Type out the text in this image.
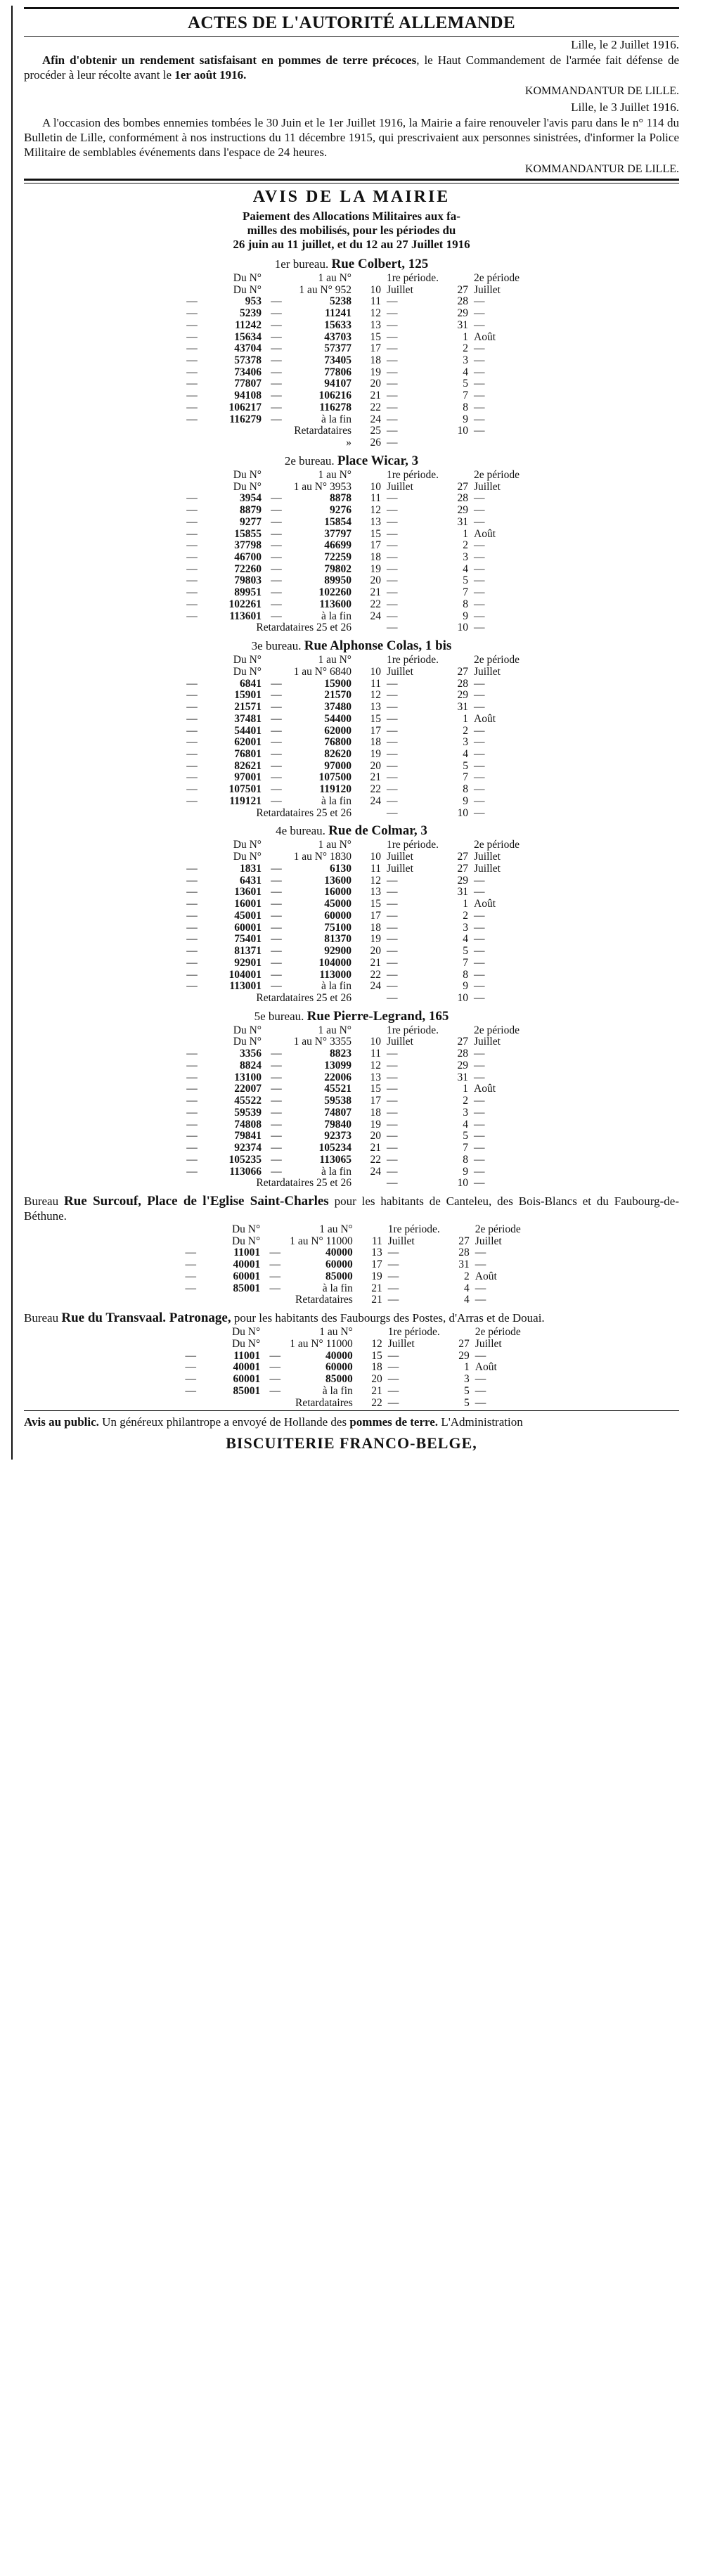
ACTES DE L'AUTORITÉ ALLEMANDE
Lille, le 2 Juillet 1916.

Afin d'obtenir un rendement satisfaisant en pommes de terre précoces, le Haut Commandement de l'armée fait défense de procéder à leur récolte avant le 1er août 1916.

KOMMANDANTUR DE LILLE.
Lille, le 3 Juillet 1916.

A l'occasion des bombes ennemies tombées le 30 Juin et le 1er Juillet 1916, la Mairie a faire renouveler l'avis paru dans le n° 114 du Bulletin de Lille, conformément à nos instructions du 11 décembre 1915, qui prescrivaient aux personnes sinistrées, d'informer la Police Militaire de semblables événements dans l'espace de 24 heures.

KOMMANDANTUR DE LILLE.
AVIS DE LA MAIRIE
Paiement des Allocations Militaires aux fa-
milles des mobilisés, pour les périodes du
26 juin au 11 juillet, et du 12 au 27 Juillet 1916
1er bureau. Rue Colbert, 125
	Du N°		1 au N°		1re période.		2e période
	Du N°		1 au N° 952	10	Juillet	27	Juillet
—	953	—	5238	11	—	28	—
—	5239	—	11241	12	—	29	—
—	11242	—	15633	13	—	31	—
—	15634	—	43703	15	—	1	Août
—	43704	—	57377	17	—	2	—
—	57378	—	73405	18	—	3	—
—	73406	—	77806	19	—	4	—
—	77807	—	94107	20	—	5	—
—	94108	—	106216	21	—	7	—
—	106217	—	116278	22	—	8	—
—	116279	—	à la fin	24	—	9	—
Retardataires				25	—	10	—
»				26	—		
2e bureau. Place Wicar, 3
	Du N°		1 au N°		1re période.		2e période
	Du N°		1 au N° 3953	10	Juillet	27	Juillet
—	3954	—	8878	11	—	28	—
—	8879	—	9276	12	—	29	—
—	9277	—	15854	13	—	31	—
—	15855	—	37797	15	—	1	Août
—	37798	—	46699	17	—	2	—
—	46700	—	72259	18	—	3	—
—	72260	—	79802	19	—	4	—
—	79803	—	89950	20	—	5	—
—	89951	—	102260	21	—	7	—
—	102261	—	113600	22	—	8	—
—	113601	—	à la fin	24	—	9	—
Retardataires 25 et 26					—	10	—
3e bureau. Rue Alphonse Colas, 1 bis
	Du N°		1 au N°		1re période.		2e période
	Du N°		1 au N° 6840	10	Juillet	27	Juillet
—	6841	—	15900	11	—	28	—
—	15901	—	21570	12	—	29	—
—	21571	—	37480	13	—	31	—
—	37481	—	54400	15	—	1	Août
—	54401	—	62000	17	—	2	—
—	62001	—	76800	18	—	3	—
—	76801	—	82620	19	—	4	—
—	82621	—	97000	20	—	5	—
—	97001	—	107500	21	—	7	—
—	107501	—	119120	22	—	8	—
—	119121	—	à la fin	24	—	9	—
Retardataires 25 et 26					—	10	—
4e bureau. Rue de Colmar, 3
	Du N°		1 au N°		1re période.		2e période
	Du N°		1 au N° 1830	10	Juillet	27	Juillet
—	1831	—	6130	11	Juillet	27	Juillet
—	6431	—	13600	12	—	29	—
—	13601	—	16000	13	—	31	—
—	16001	—	45000	15	—	1	Août
—	45001	—	60000	17	—	2	—
—	60001	—	75100	18	—	3	—
—	75401	—	81370	19	—	4	—
—	81371	—	92900	20	—	5	—
—	92901	—	104000	21	—	7	—
—	104001	—	113000	22	—	8	—
—	113001	—	à la fin	24	—	9	—
Retardataires 25 et 26					—	10	—
5e bureau. Rue Pierre-Legrand, 165
	Du N°		1 au N°		1re période.		2e période
	Du N°		1 au N° 3355	10	Juillet	27	Juillet
—	3356	—	8823	11	—	28	—
—	8824	—	13099	12	—	29	—
—	13100	—	22006	13	—	31	—
—	22007	—	45521	15	—	1	Août
—	45522	—	59538	17	—	2	—
—	59539	—	74807	18	—	3	—
—	74808	—	79840	19	—	4	—
—	79841	—	92373	20	—	5	—
—	92374	—	105234	21	—	7	—
—	105235	—	113065	22	—	8	—
—	113066	—	à la fin	24	—	9	—
Retardataires 25 et 26					—	10	—
Bureau Rue Surcouf, Place de l'Eglise Saint-Charles pour les habitants de Canteleu, des Bois-Blancs et du Faubourg-de-Béthune.
	Du N°		1 au N°		1re période.		2e période
	Du N°		1 au N° 11000	11	Juillet	27	Juillet
—	11001	—	40000	13	—	28	—
—	40001	—	60000	17	—	31	—
—	60001	—	85000	19	—	2	Août
—	85001	—	à la fin	21	—	4	—
Retardataires				21	—	4	—
Bureau Rue du Transvaal. Patronage, pour les habitants des Faubourgs des Postes, d'Arras et de Douai.
	Du N°		1 au N°		1re période.		2e période
	Du N°		1 au N° 11000	12	Juillet	27	Juillet
—	11001	—	40000	15	—	29	—
—	40001	—	60000	18	—	1	Août
—	60001	—	85000	20	—	3	—
—	85001	—	à la fin	21	—	5	—
Retardataires				22	—	5	—

Avis au public. Un généreux philantrope a envoyé de Hollande des pommes de terre. L'Administration

BISCUITERIE FRANCO-BELGE,
